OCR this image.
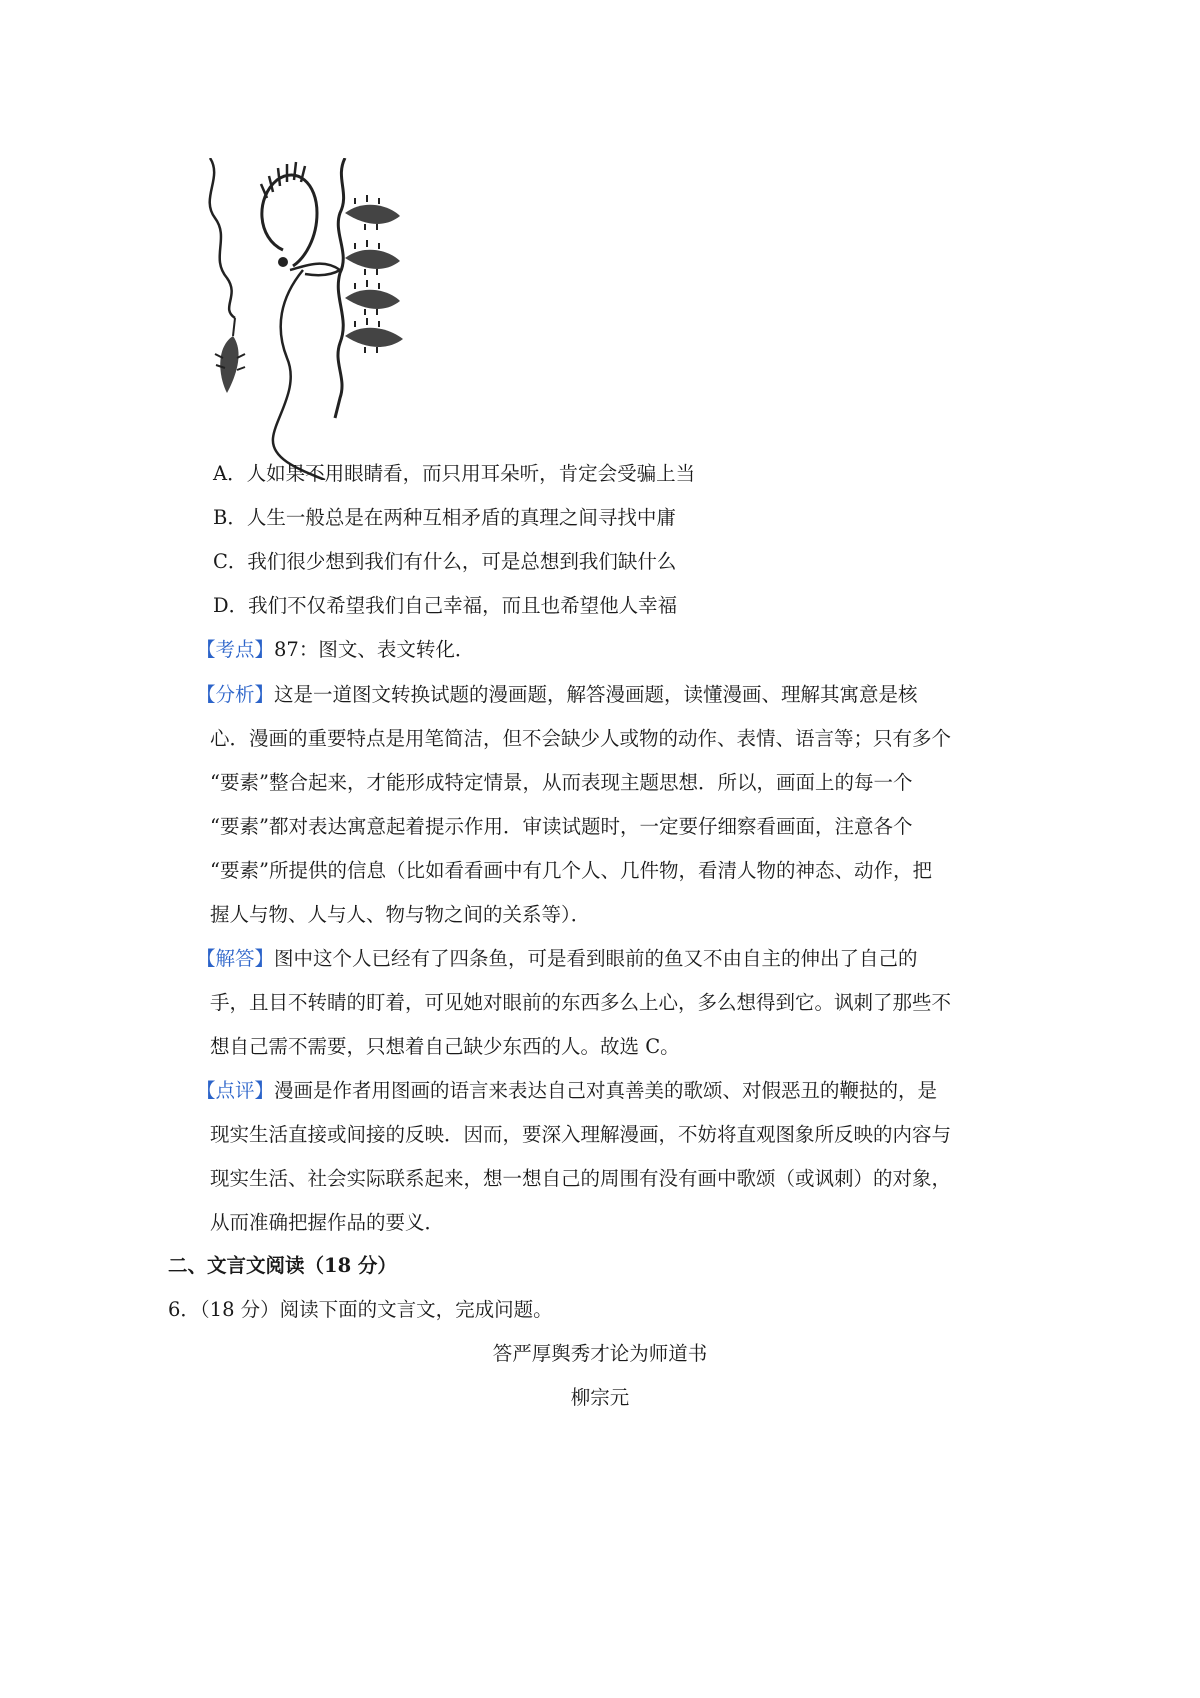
A．人如果不用眼睛看，而只用耳朵听，肯定会受骗上当
B．人生一般总是在两种互相矛盾的真理之间寻找中庸
C．我们很少想到我们有什么，可是总想到我们缺什么
D．我们不仅希望我们自己幸福，而且也希望他人幸福
【考点】87：图文、表文转化．
【分析】这是一道图文转换试题的漫画题，解答漫画题，读懂漫画、理解其寓意是核
心．漫画的重要特点是用笔简洁，但不会缺少人或物的动作、表情、语言等；只有多个
“要素”整合起来，才能形成特定情景，从而表现主题思想．所以，画面上的每一个
“要素”都对表达寓意起着提示作用．审读试题时，一定要仔细察看画面，注意各个
“要素”所提供的信息（比如看看画中有几个人、几件物，看清人物的神态、动作，把
握人与物、人与人、物与物之间的关系等）．
【解答】图中这个人已经有了四条鱼，可是看到眼前的鱼又不由自主的伸出了自己的
手，且目不转睛的盯着，可见她对眼前的东西多么上心，多么想得到它。讽刺了那些不
想自己需不需要，只想着自己缺少东西的人。故选 C。
【点评】漫画是作者用图画的语言来表达自己对真善美的歌颂、对假恶丑的鞭挞的，是
现实生活直接或间接的反映．因而，要深入理解漫画，不妨将直观图象所反映的内容与
现实生活、社会实际联系起来，想一想自己的周围有没有画中歌颂（或讽刺）的对象，
从而准确把握作品的要义．
二、文言文阅读（18 分）
6．（18 分）阅读下面的文言文，完成问题。
答严厚舆秀才论为师道书
柳宗元
